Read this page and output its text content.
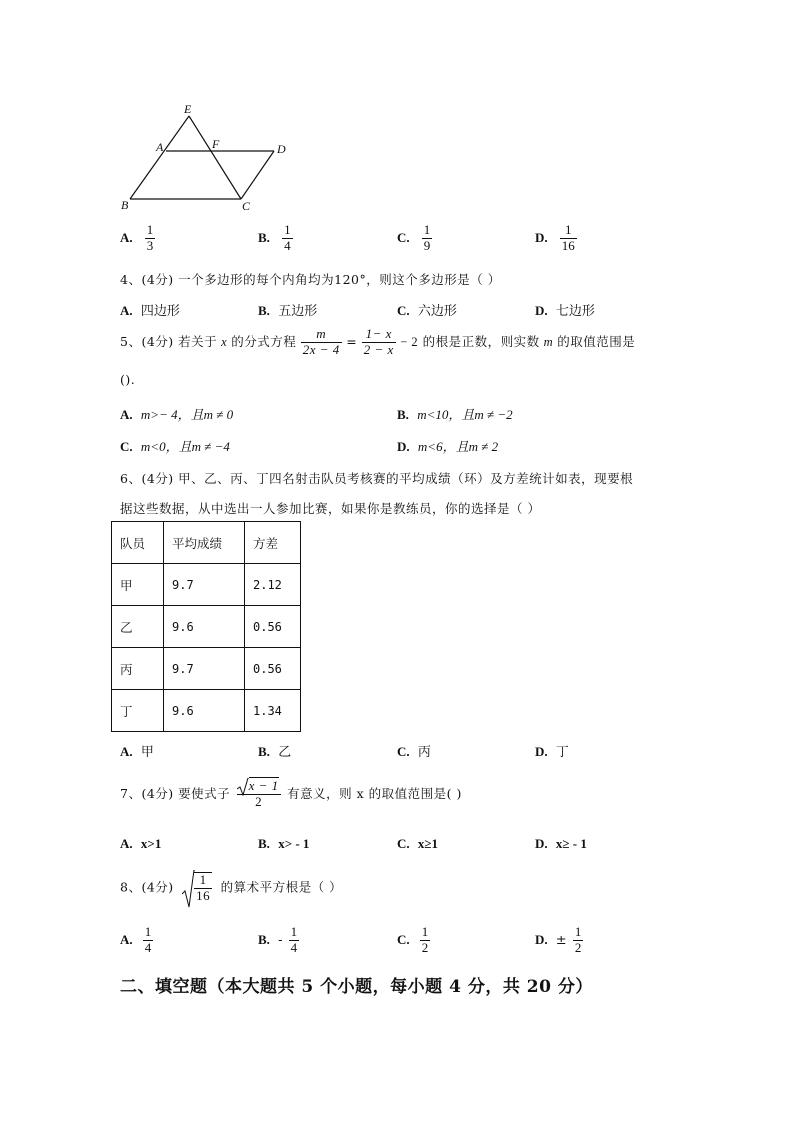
E
A	F	D
B	C
A. $\frac{1}{3}$	B. $\frac{1}{4}$	C. $\frac{1}{9}$	D. $\frac{1}{16}$
4、(4分) 一个多边形的每个内角均为120°，则这个多边形是（ ）
A. 四边形	B. 五边形	C. 六边形	D. 七边形
5、(4分) 若关于 x 的分式方程 $\frac{m}{2x - 4} = \frac{1- x}{2 - x} - 2$ 的根是正数，则实数 m 的取值范围是
().
A. m>− 4，且m ≠ 0	B. m<10，且m ≠ −2
C. m<0，且m ≠ −4	D. m<6，且m ≠ 2
6、(4分) 甲、乙、丙、丁四名射击队员考核赛的平均成绩（环）及方差统计如表，现要根
据这些数据，从中选出一人参加比赛，如果你是教练员，你的选择是（ ）
队员	平均成绩	方差
甲	9.7	2.12
乙	9.6	0.56
丙	9.7	0.56
丁	9.6	1.34
A. 甲	B. 乙	C. 丙	D. 丁
7、(4分) 要使式子 $\frac{x - 1}{2}$ 有意义，则 x 的取值范围是( )
A. x>1	B. x> - 1	C. x≥1	D. x≥ - 1
8、(4分) $\frac{1}{16}$ 的算术平方根是（ ）
A. $\frac{1}{4}$	B. - $\frac{1}{4}$	C. $\frac{1}{2}$	D. ± $\frac{1}{2}$
二、填空题（本大题共 5 个小题，每小题 4 分，共 20 分）
